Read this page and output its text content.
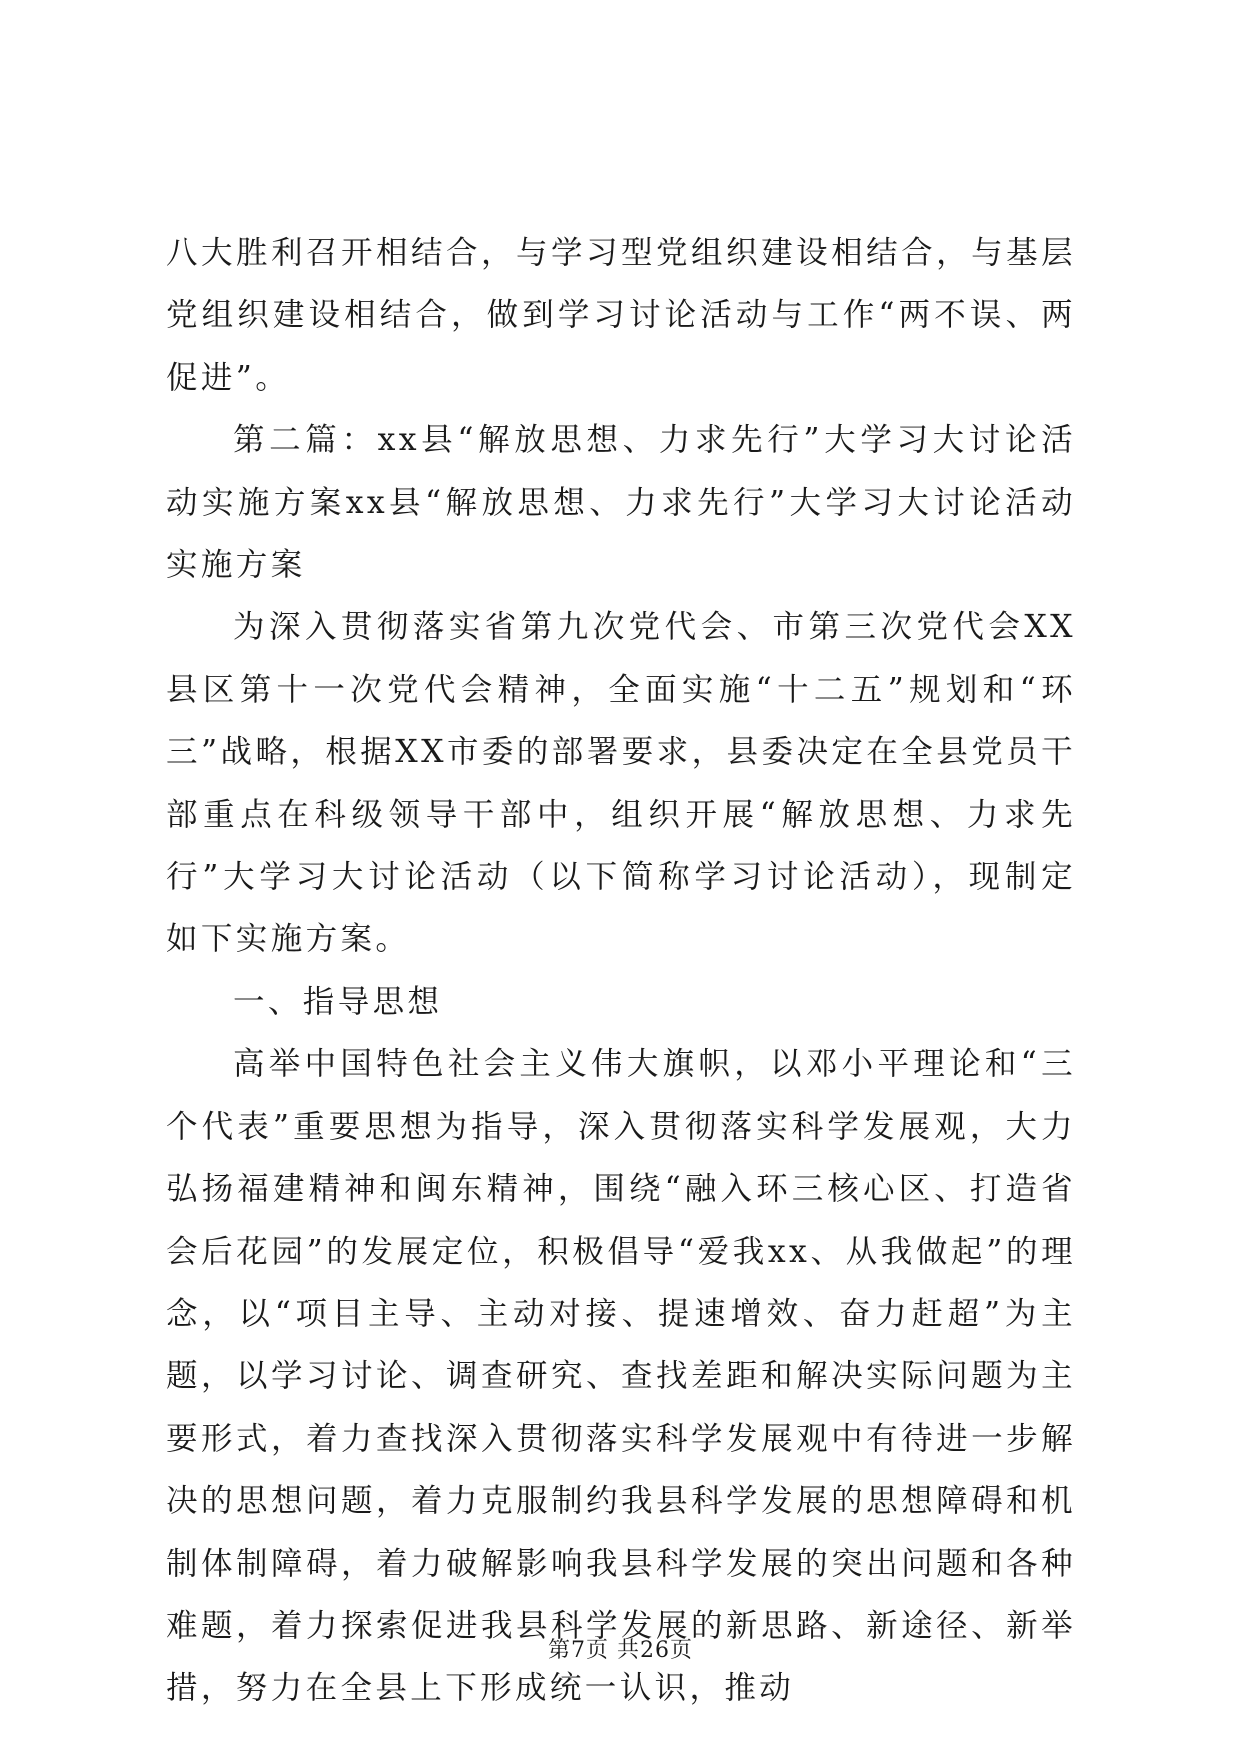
八大胜利召开相结合，与学习型党组织建设相结合，与基层党组织建设相结合，做到学习讨论活动与工作“两不误、两促进”。

第二篇：xx县“解放思想、力求先行”大学习大讨论活动实施方案xx县“解放思想、力求先行”大学习大讨论活动实施方案

为深入贯彻落实省第九次党代会、市第三次党代会XX县区第十一次党代会精神，全面实施“十二五”规划和“环三”战略，根据XX市委的部署要求，县委决定在全县党员干部重点在科级领导干部中，组织开展“解放思想、力求先行”大学习大讨论活动（以下简称学习讨论活动），现制定如下实施方案。

一、指导思想

高举中国特色社会主义伟大旗帜，以邓小平理论和“三个代表”重要思想为指导，深入贯彻落实科学发展观，大力弘扬福建精神和闽东精神，围绕“融入环三核心区、打造省会后花园”的发展定位，积极倡导“爱我xx、从我做起”的理念，以“项目主导、主动对接、提速增效、奋力赶超”为主题，以学习讨论、调查研究、查找差距和解决实际问题为主要形式，着力查找深入贯彻落实科学发展观中有待进一步解决的思想问题，着力克服制约我县科学发展的思想障碍和机制体制障碍，着力破解影响我县科学发展的突出问题和各种难题，着力探索促进我县科学发展的新思路、新途径、新举措，努力在全县上下形成统一认识，推动

第7页 共26页
